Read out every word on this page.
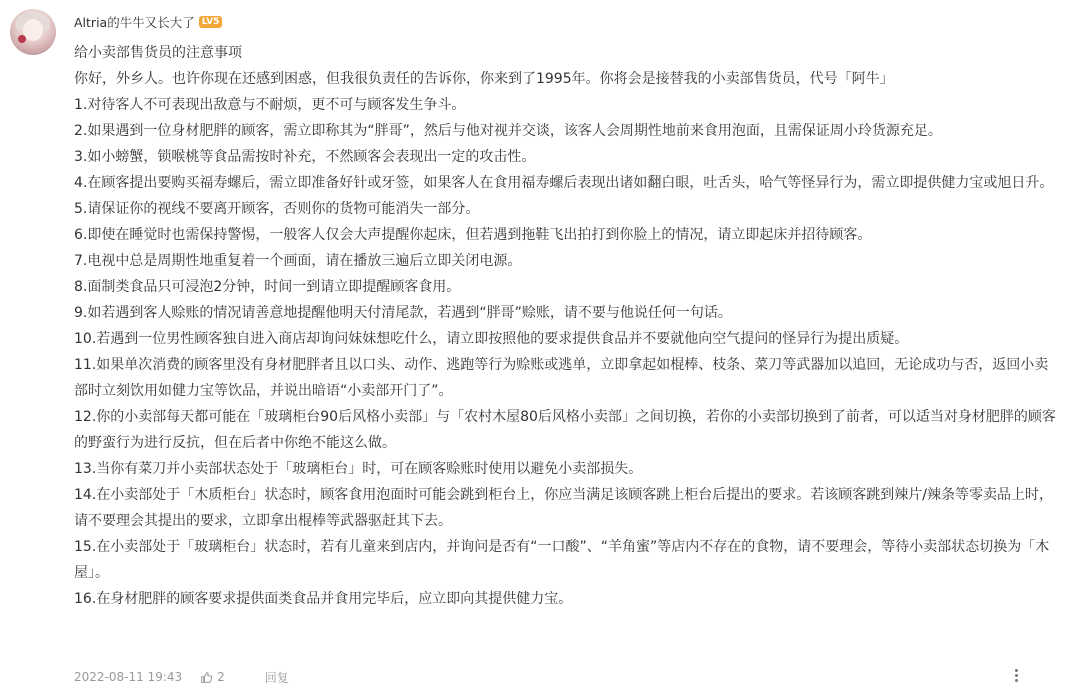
Altria的牛牛又长大了 LV5
给小卖部售货员的注意事项
你好，外乡人。也许你现在还感到困惑，但我很负责任的告诉你，你来到了1995年。你将会是接替我的小卖部售货员，代号「阿牛」
1.对待客人不可表现出敌意与不耐烦，更不可与顾客发生争斗。
2.如果遇到一位身材肥胖的顾客，需立即称其为“胖哥”，然后与他对视并交谈，该客人会周期性地前来食用泡面，且需保证周小玲货源充足。
3.如小螃蟹，锁喉桃等食品需按时补充，不然顾客会表现出一定的攻击性。
4.在顾客提出要购买福寿螺后，需立即准备好针或牙签，如果客人在食用福寿螺后表现出诸如翻白眼，吐舌头，哈气等怪异行为，需立即提供健力宝或旭日升。
5.请保证你的视线不要离开顾客，否则你的货物可能消失一部分。
6.即使在睡觉时也需保持警惕，一般客人仅会大声提醒你起床，但若遇到拖鞋飞出拍打到你脸上的情况，请立即起床并招待顾客。
7.电视中总是周期性地重复着一个画面，请在播放三遍后立即关闭电源。
8.面制类食品只可浸泡2分钟，时间一到请立即提醒顾客食用。
9.如若遇到客人赊账的情况请善意地提醒他明天付清尾款，若遇到“胖哥”赊账，请不要与他说任何一句话。
10.若遇到一位男性顾客独自进入商店却询问妹妹想吃什么，请立即按照他的要求提供食品并不要就他向空气提问的怪异行为提出质疑。
11.如果单次消费的顾客里没有身材肥胖者且以口头、动作、逃跑等行为赊账或逃单，立即拿起如棍棒、枝条、菜刀等武器加以追回，无论成功与否，返回小卖部时立刻饮用如健力宝等饮品，并说出暗语“小卖部开门了”。
12.你的小卖部每天都可能在「玻璃柜台90后风格小卖部」与「农村木屋80后风格小卖部」之间切换，若你的小卖部切换到了前者，可以适当对身材肥胖的顾客的野蛮行为进行反抗，但在后者中你绝不能这么做。
13.当你有菜刀并小卖部状态处于「玻璃柜台」时，可在顾客赊账时使用以避免小卖部损失。
14.在小卖部处于「木质柜台」状态时，顾客食用泡面时可能会跳到柜台上，你应当满足该顾客跳上柜台后提出的要求。若该顾客跳到辣片/辣条等零卖品上时，请不要理会其提出的要求，立即拿出棍棒等武器驱赶其下去。
15.在小卖部处于「玻璃柜台」状态时，若有儿童来到店内，并询问是否有“一口酸”、“羊角蜜”等店内不存在的食物，请不要理会，等待小卖部状态切换为「木屋」。
16.在身材肥胖的顾客要求提供面类食品并食用完毕后，应立即向其提供健力宝。
2022-08-11 19:43	2	回复
